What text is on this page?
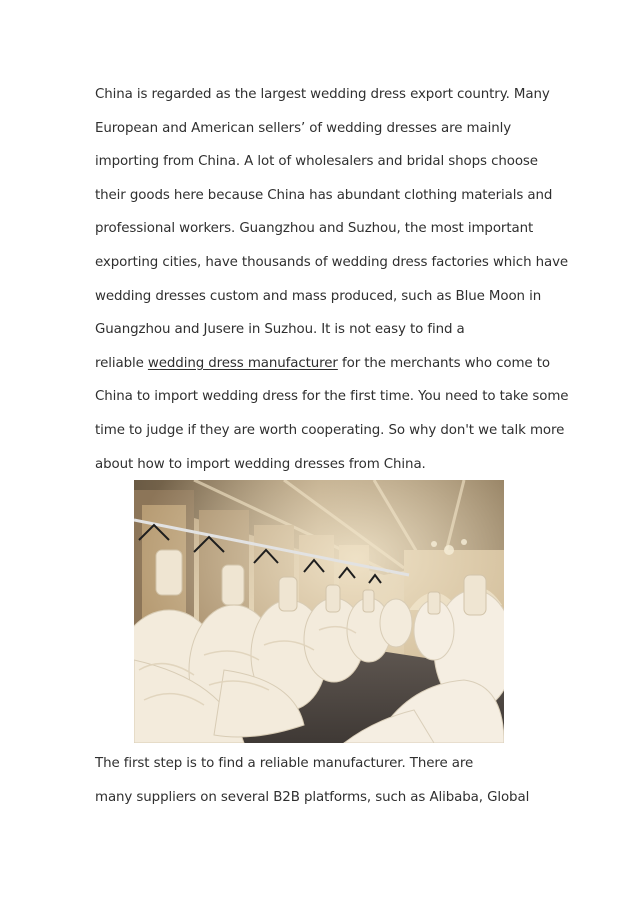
China is regarded as the largest wedding dress export country. Many
European and American sellers’ of wedding dresses are mainly
importing from China. A lot of wholesalers and bridal shops choose
their goods here because China has abundant clothing materials and
professional workers. Guangzhou and Suzhou, the most important
exporting cities, have thousands of wedding dress factories which have
wedding dresses custom and mass produced, such as Blue Moon in
Guangzhou and Jusere in Suzhou. It is not easy to find a
reliable wedding dress manufacturer for the merchants who come to
China to import wedding dress for the first time. You need to take some
time to judge if they are worth cooperating. So why don't we talk more
about how to import wedding dresses from China.

The first step is to find a reliable manufacturer. There are
many suppliers on several B2B platforms, such as Alibaba, Global
